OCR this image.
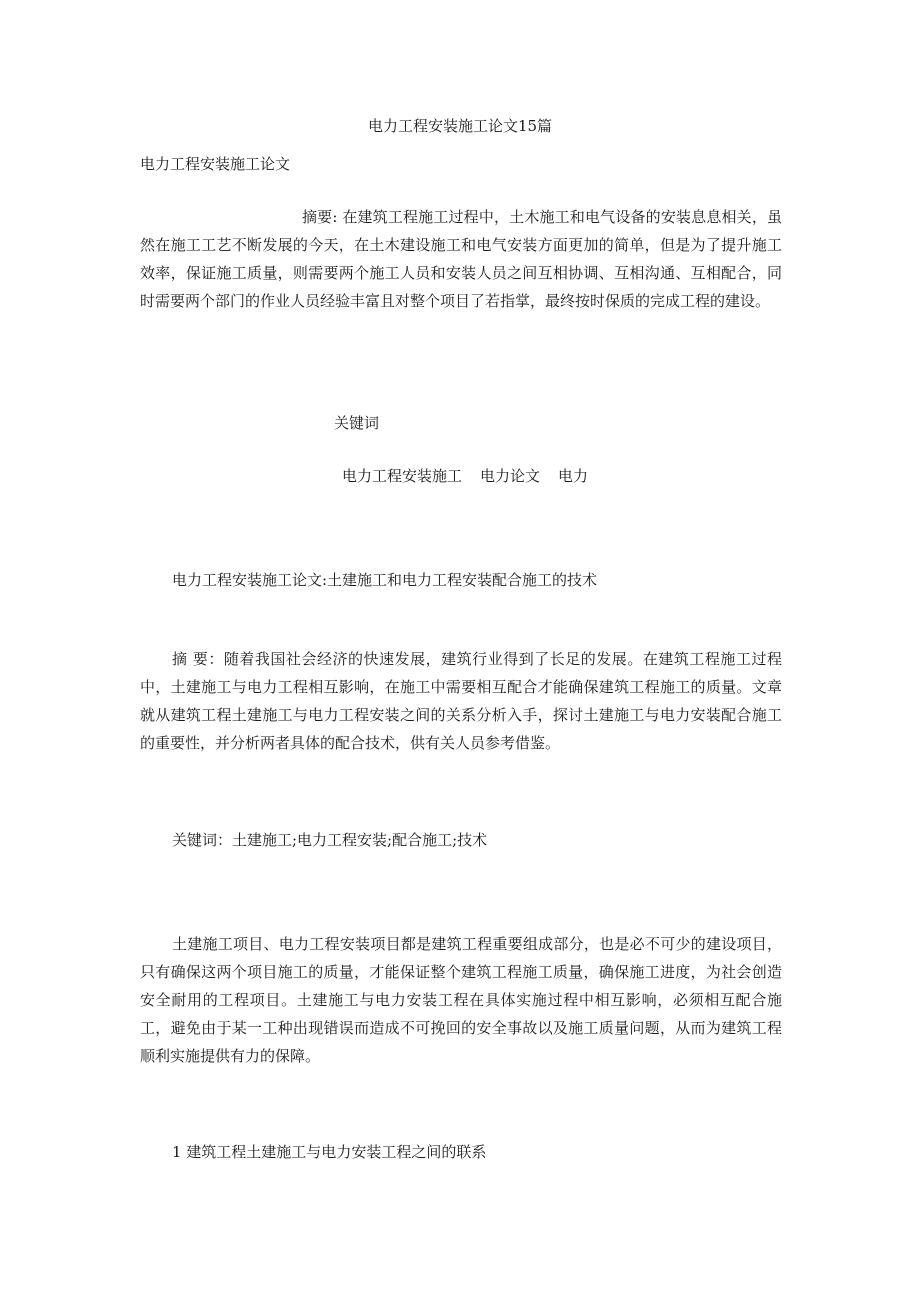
电力工程安装施工论文15篇
电力工程安装施工论文
摘要: 在建筑工程施工过程中，土木施工和电气设备的安装息息相关，虽然在施工工艺不断发展的今天，在土木建设施工和电气安装方面更加的简单，但是为了提升施工效率，保证施工质量，则需要两个施工人员和安装人员之间互相协调、互相沟通、互相配合，同时需要两个部门的作业人员经验丰富且对整个项目了若指掌，最终按时保质的完成工程的建设。
关键词
电力工程安装施工 电力论文 电力
电力工程安装施工论文:土建施工和电力工程安装配合施工的技术
摘 要：随着我国社会经济的快速发展，建筑行业得到了长足的发展。在建筑工程施工过程中，土建施工与电力工程相互影响，在施工中需要相互配合才能确保建筑工程施工的质量。文章就从建筑工程土建施工与电力工程安装之间的关系分析入手，探讨土建施工与电力安装配合施工的重要性，并分析两者具体的配合技术，供有关人员参考借鉴。
关键词：土建施工;电力工程安装;配合施工;技术
土建施工项目、电力工程安装项目都是建筑工程重要组成部分，也是必不可少的建设项目，只有确保这两个项目施工的质量，才能保证整个建筑工程施工质量，确保施工进度，为社会创造安全耐用的工程项目。土建施工与电力安装工程在具体实施过程中相互影响，必须相互配合施工，避免由于某一工种出现错误而造成不可挽回的安全事故以及施工质量问题，从而为建筑工程顺利实施提供有力的保障。
1 建筑工程土建施工与电力安装工程之间的联系
